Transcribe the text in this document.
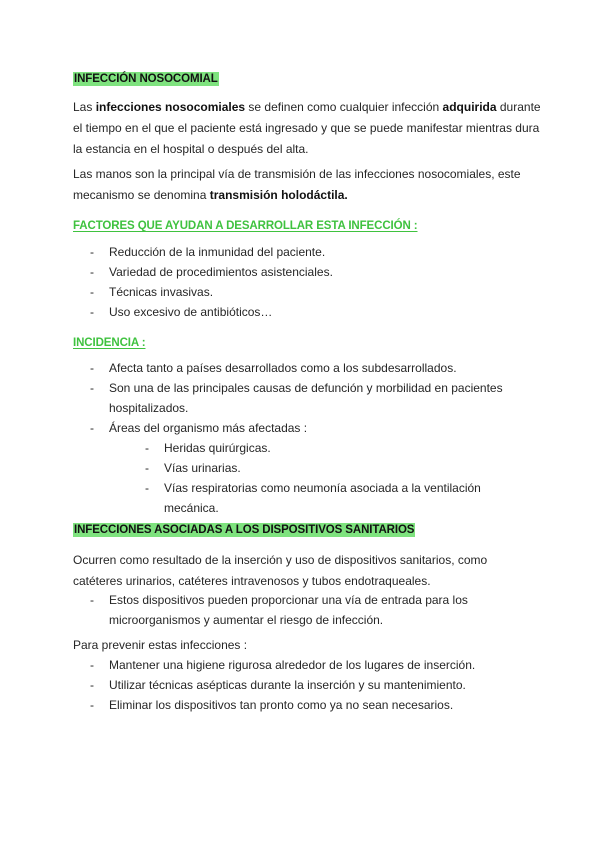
INFECCIÓN NOSOCOMIAL
Las infecciones nosocomiales se definen como cualquier infección adquirida durante el tiempo en el que el paciente está ingresado y que se puede manifestar mientras dura la estancia en el hospital o después del alta.
Las manos son la principal vía de transmisión de las infecciones nosocomiales, este mecanismo se denomina transmisión holodáctila.
FACTORES QUE AYUDAN A DESARROLLAR ESTA INFECCIÓN :
- Reducción de la inmunidad del paciente.
- Variedad de procedimientos asistenciales.
- Técnicas invasivas.
- Uso excesivo de antibióticos…
INCIDENCIA :
- Afecta tanto a países desarrollados como a los subdesarrollados.
- Son una de las principales causas de defunción y morbilidad en pacientes hospitalizados.
- Áreas del organismo más afectadas :
- Heridas quirúrgicas.
- Vías urinarias.
- Vías respiratorias como neumonía asociada a la ventilación mecánica.
INFECCIONES ASOCIADAS A LOS DISPOSITIVOS SANITARIOS
Ocurren como resultado de la inserción y uso de dispositivos sanitarios, como catéteres urinarios, catéteres intravenosos y tubos endotraqueales.
- Estos dispositivos pueden proporcionar una vía de entrada para los microorganismos y aumentar el riesgo de infección.
Para prevenir estas infecciones :
- Mantener una higiene rigurosa alrededor de los lugares de inserción.
- Utilizar técnicas asépticas durante la inserción y su mantenimiento.
- Eliminar los dispositivos tan pronto como ya no sean necesarios.
